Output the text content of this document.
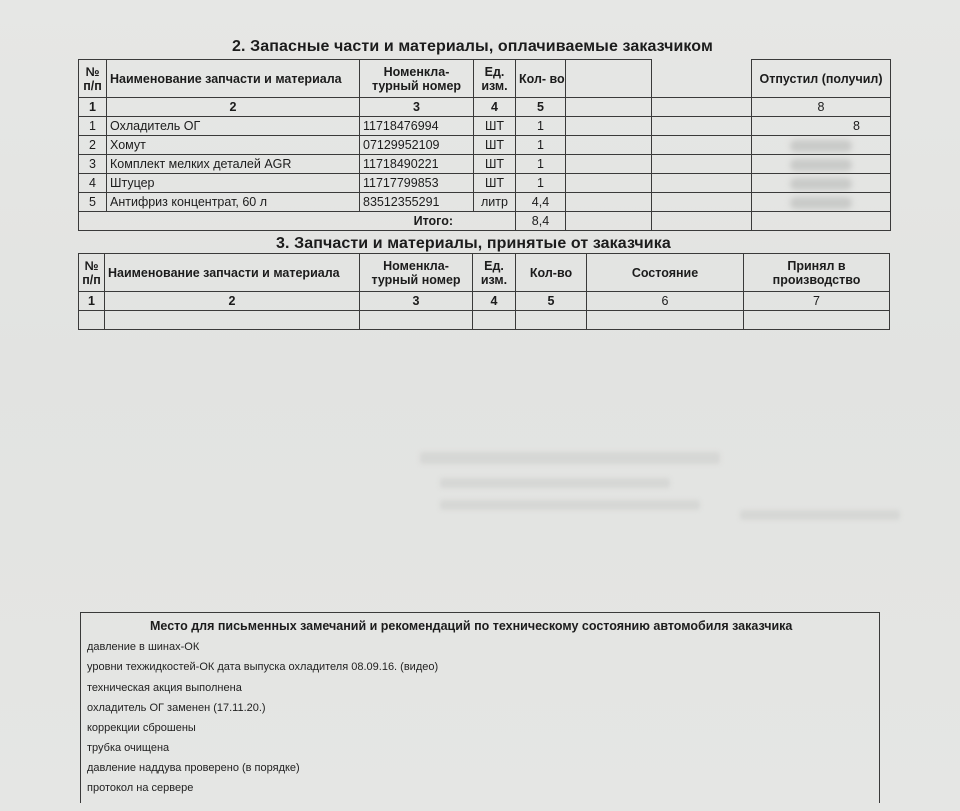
2. Запасные части и материалы, оплачиваемые заказчиком
№ п/п	Наименование запчасти и материала	Номенкла- турный номер	Ед. изм.	Кол- во			Отпустил (получил)
1	2	3	4	5			8
1	Охладитель ОГ	11718476994	ШТ	1			8
2	Хомут	07129952109	ШТ	1			
3	Комплект мелких деталей AGR	11718490221	ШТ	1			
4	Штуцер	11717799853	ШТ	1			
5	Антифриз концентрат, 60 л	83512355291	литр	4,4			
Итого:				8,4			
3. Запчасти и материалы, принятые от заказчика
№ п/п	Наименование запчасти и материала	Номенкла- турный номер	Ед. изм.	Кол-во	Состояние	Принял в производство
1	2	3	4	5	6	7

Место для письменных замечаний и рекомендаций по техническому состоянию автомобиля заказчика
давление в шинах-ОК
уровни техжидкостей-ОК дата выпуска охладителя 08.09.16. (видео)
техническая акция выполнена
охладитель ОГ заменен (17.11.20.)
коррекции сброшены
трубка очищена
давление наддува проверено (в порядке)
протокол на сервере
